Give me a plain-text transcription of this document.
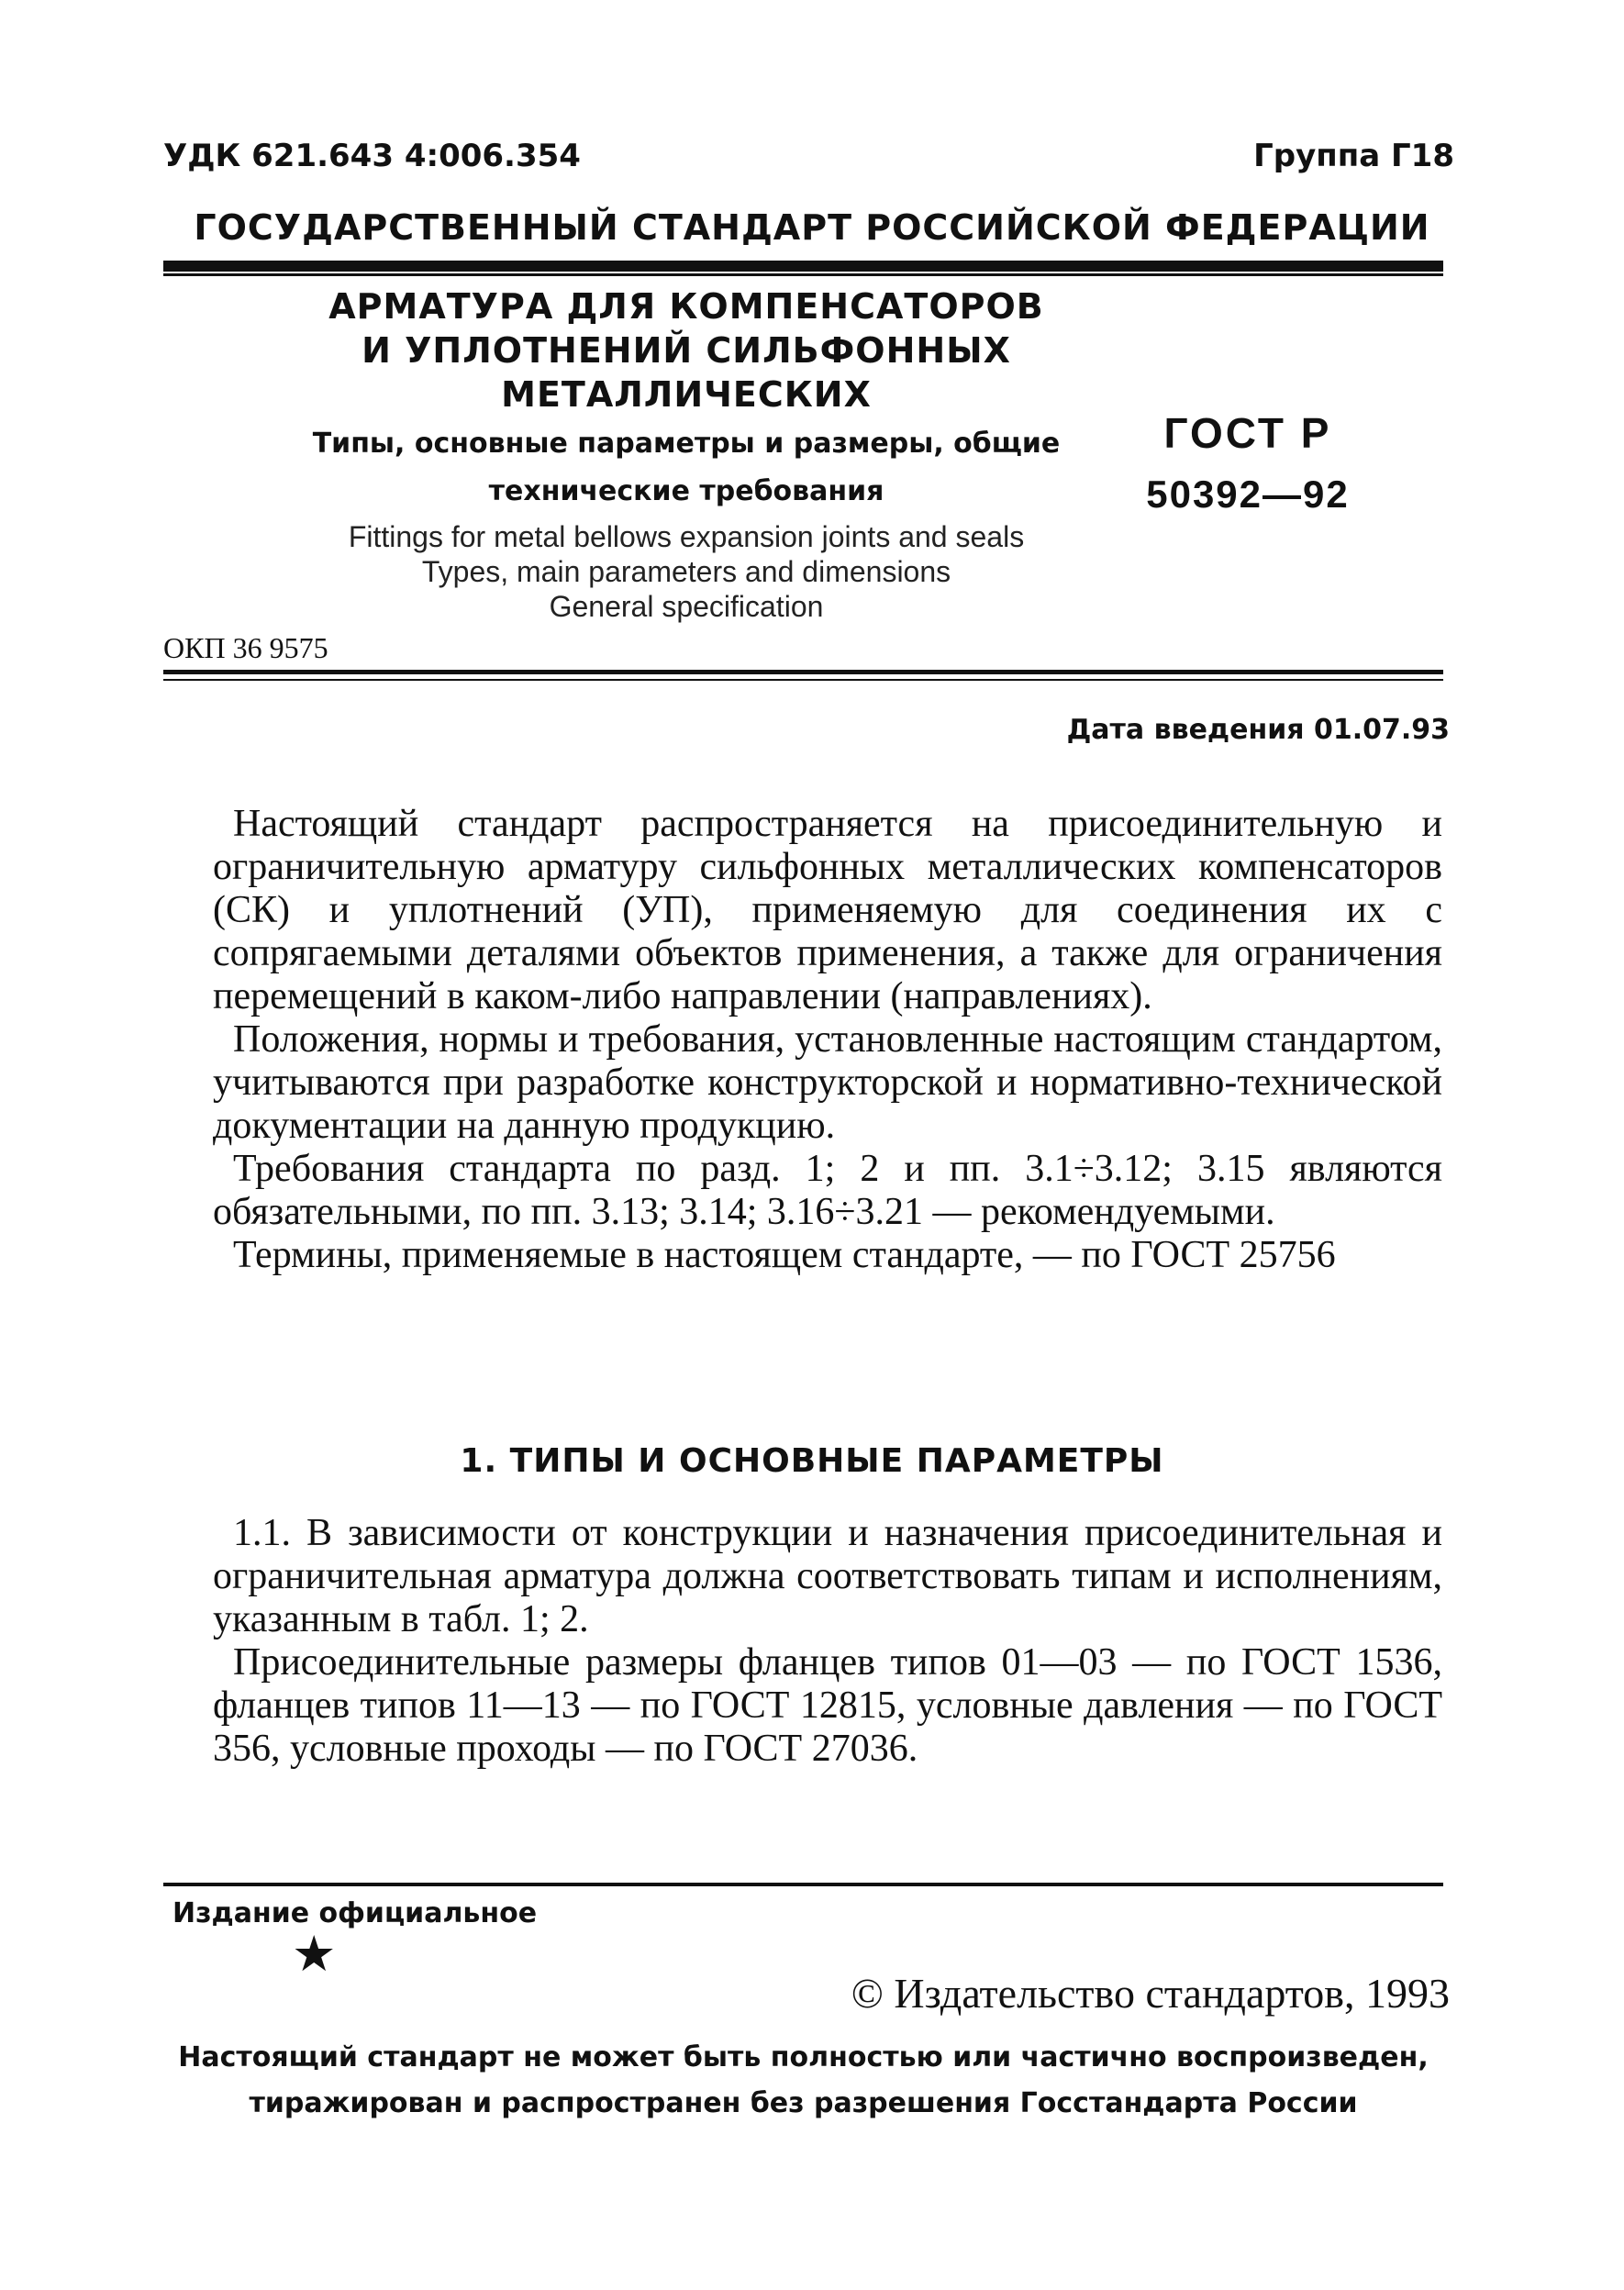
УДК 621.643 4:006.354	Группа Г18
ГОСУДАРСТВЕННЫЙ СТАНДАРТ РОССИЙСКОЙ ФЕДЕРАЦИИ
АРМАТУРА ДЛЯ КОМПЕНСАТОРОВ
И УПЛОТНЕНИЙ СИЛЬФОННЫХ
МЕТАЛЛИЧЕСКИХ
Типы, основные параметры и размеры, общие
технические требования
ГОСТ Р
50392—92
Fittings for metal bellows expansion joints and seals
Types, main parameters and dimensions
General specification
ОКП 36 9575
Дата введения 01.07.93

Настоящий стандарт распространяется на присоединительную и ограничительную арматуру сильфонных металлических компенсаторов (СК) и уплотнений (УП), применяемую для соединения их с сопрягаемыми деталями объектов применения, а также для ограничения перемещений в каком-либо направлении (направлениях).

Положения, нормы и требования, установленные настоящим стандартом, учитываются при разработке конструкторской и нормативно-технической документации на данную продукцию.

Требования стандарта по разд. 1; 2 и пп. 3.1÷3.12; 3.15 являются обязательными, по пп. 3.13; 3.14; 3.16÷3.21 — рекомендуемыми.

Термины, применяемые в настоящем стандарте, — по ГОСТ 25756

1. ТИПЫ И ОСНОВНЫЕ ПАРАМЕТРЫ

1.1. В зависимости от конструкции и назначения присоединительная и ограничительная арматура должна соответствовать типам и исполнениям, указанным в табл. 1; 2.

Присоединительные размеры фланцев типов 01—03 — по ГОСТ 1536, фланцев типов 11—13 — по ГОСТ 12815, условные давления — по ГОСТ 356, условные проходы — по ГОСТ 27036.

Издание официальное
★
© Издательство стандартов, 1993
Настоящий стандарт не может быть полностью или частично воспроизведен,
тиражирован и распространен без разрешения Госстандарта России
